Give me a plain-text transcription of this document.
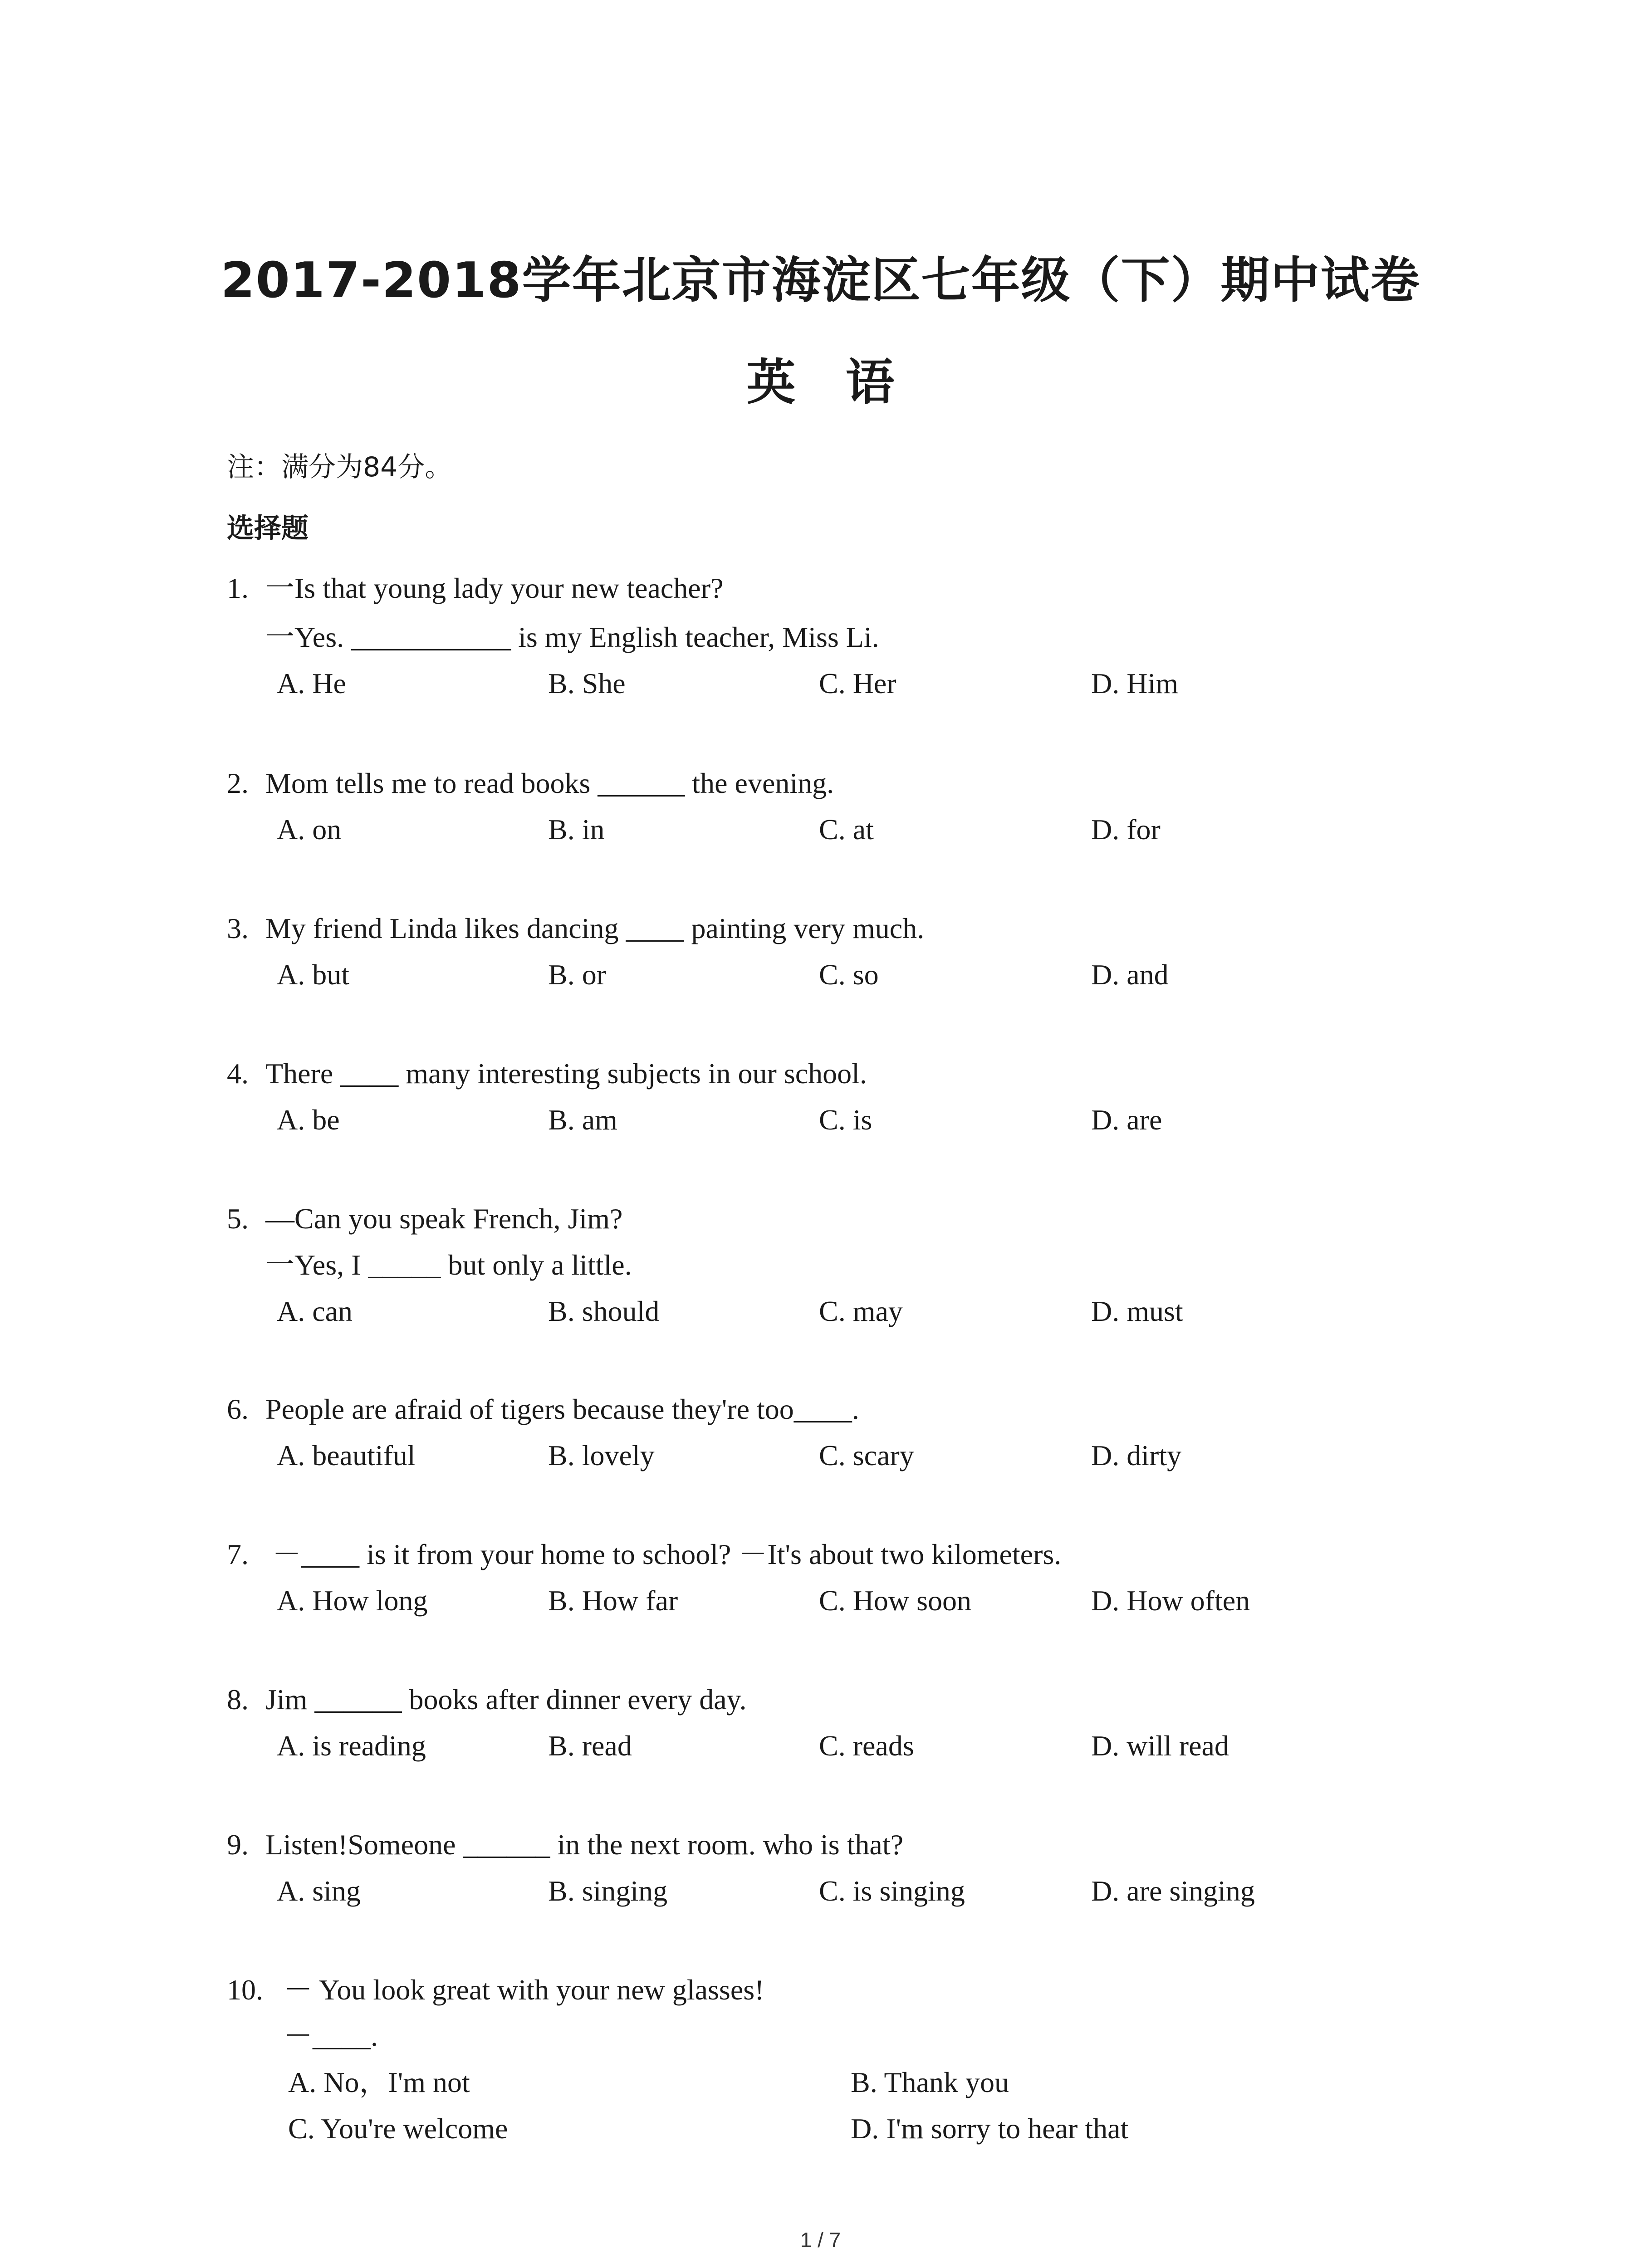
2017-2018学年北京市海淀区七年级（下）期中试卷
英语
注：满分为84分。
选择题
1. 一Is that young lady your new teacher?
一Yes. ___________ is my English teacher, Miss Li.
A. He	B. She	C. Her	D. Him
2. Mom tells me to read books ______ the evening.
A. on	B. in	C. at	D. for
3. My friend Linda likes dancing ____ painting very much.
A. but	B. or	C. so	D. and
4. There ____ many interesting subjects in our school.
A. be	B. am	C. is	D. are
5. —Can you speak French, Jim?
一Yes, I _____ but only a little.
A. can	B. should	C. may	D. must
6. People are afraid of tigers because they're too____.
A. beautiful	B. lovely	C. scary	D. dirty
7. －____ is it from your home to school? －It's about two kilometers.
A. How long	B. How far	C. How soon	D. How often
8. Jim ______ books after dinner every day.
A. is reading	B. read	C. reads	D. will read
9. Listen!Someone ______ in the next room. who is that?
A. sing	B. singing	C. is singing	D. are singing
10. － You look great with your new glasses!
－____.
A. No，I'm not	B. Thank you
C. You're welcome	D. I'm sorry to hear that
1 / 7
